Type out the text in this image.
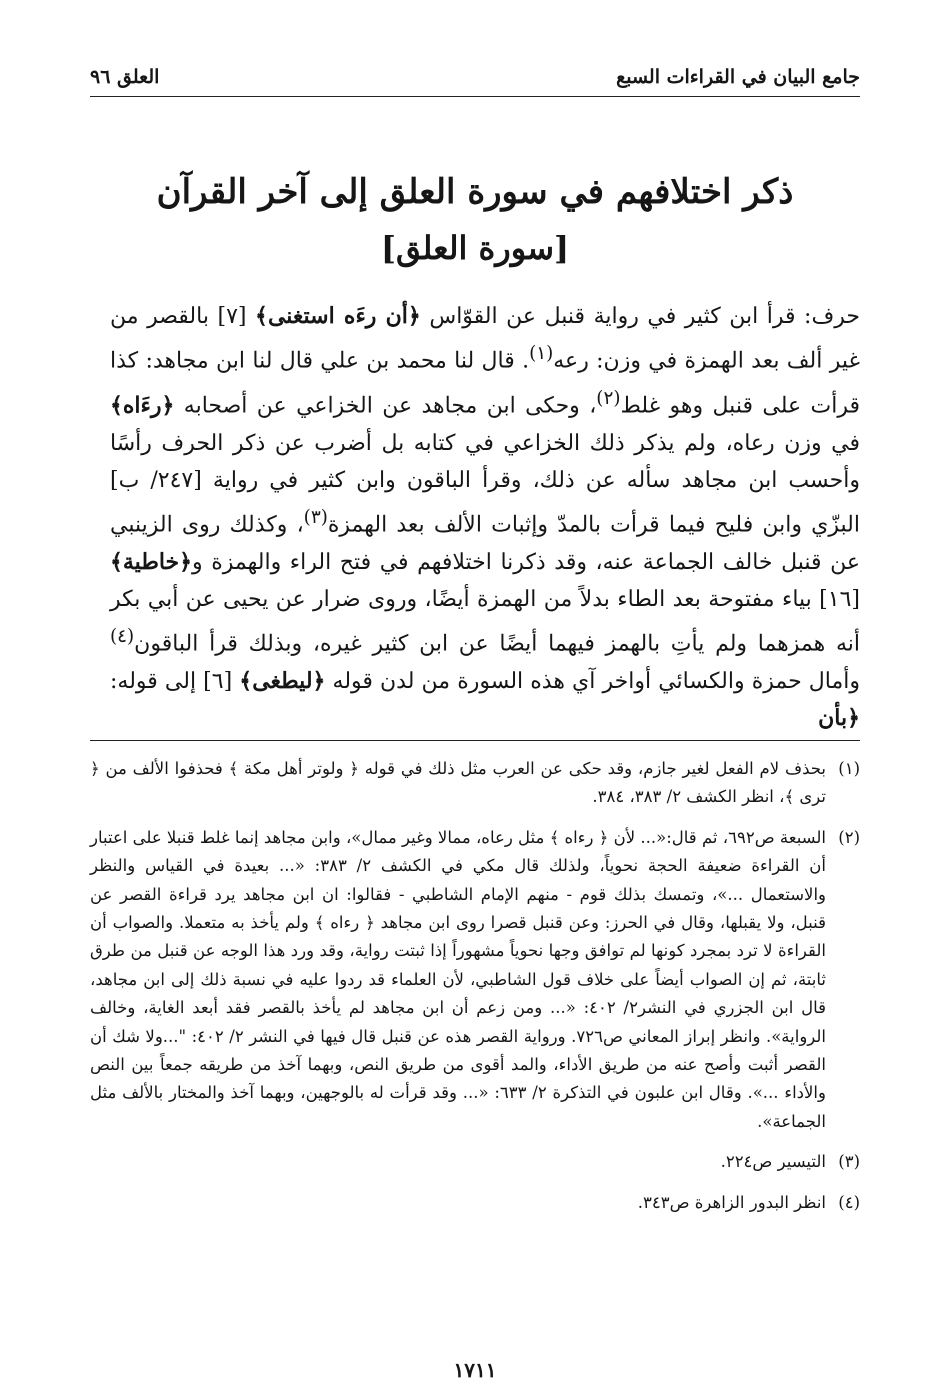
جامع البيان في القراءات السبع
العلق ٩٦
ذكر اختلافهم في سورة العلق إلى آخر القرآن
[سورة العلق]

حرف: قرأ ابن كثير في رواية قنبل عن القوّاس ﴿أن رءَه استغنى﴾ [٧] بالقصر من غير ألف بعد الهمزة في وزن: رعه$^{(١)}$. قال لنا محمد بن علي قال لنا ابن مجاهد: كذا قرأت على قنبل وهو غلط$^{(٢)}$، وحكى ابن مجاهد عن الخزاعي عن أصحابه ﴿رءَاه﴾ في وزن رعاه، ولم يذكر ذلك الخزاعي في كتابه بل أضرب عن ذكر الحرف رأسًا وأحسب ابن مجاهد سأله عن ذلك، وقرأ الباقون وابن كثير في رواية [٢٤٧/ ب] البزّي وابن فليح فيما قرأت بالمدّ وإثبات الألف بعد الهمزة$^{(٣)}$، وكذلك روى الزينبي عن قنبل خالف الجماعة عنه، وقد ذكرنا اختلافهم في فتح الراء والهمزة و﴿خاطية﴾ [١٦] بياء مفتوحة بعد الطاء بدلاً من الهمزة أيضًا، وروى ضرار عن يحيى عن أبي بكر أنه همزهما ولم يأتِ بالهمز فيهما أيضًا عن ابن كثير غيره، وبذلك قرأ الباقون$^{(٤)}$ وأمال حمزة والكسائي أواخر آي هذه السورة من لدن قوله ﴿ليطغى﴾ [٦] إلى قوله: ﴿بأن

(١)
بحذف لام الفعل لغير جازم، وقد حكى عن العرب مثل ذلك في قوله ﴿ ولوتر أهل مكة ﴾ فحذفوا الألف من ﴿ ترى ﴾، انظر الكشف ٢/ ٣٨٣، ٣٨٤.
(٢)
السبعة ص٦٩٢، ثم قال:«... لأن ﴿ رءاه ﴾ مثل رعاه، ممالا وغير ممال»، وابن مجاهد إنما غلط قنبلا على اعتبار أن القراءة ضعيفة الحجة نحوياً، ولذلك قال مكي في الكشف ٢/ ٣٨٣: «... بعيدة في القياس والنظر والاستعمال ...»، وتمسك بذلك قوم - منهم الإمام الشاطبي - فقالوا: ان ابن مجاهد يرد قراءة القصر عن قنبل، ولا يقبلها، وقال في الحرز: وعن قنبل قصرا روى ابن مجاهد ﴿ رءاه ﴾ ولم يأخذ به متعملا. والصواب أن القراءة لا ترد بمجرد كونها لم توافق وجها نحوياً مشهوراً إذا ثبتت رواية، وقد ورد هذا الوجه عن قنبل من طرق ثابتة، ثم إن الصواب أيضاً على خلاف قول الشاطبي، لأن العلماء قد ردوا عليه في نسبة ذلك إلى ابن مجاهد، قال ابن الجزري في النشر٢/ ٤٠٢: «... ومن زعم أن ابن مجاهد لم يأخذ بالقصر فقد أبعد الغاية، وخالف الرواية». وانظر إبراز المعاني ص٧٢٦. ورواية القصر هذه عن قنبل قال فيها في النشر ٢/ ٤٠٢: "...ولا شك أن القصر أثبت وأصح عنه من طريق الأداء، والمد أقوى من طريق النص، وبهما آخذ من طريقه جمعاً بين النص والأداء ...». وقال ابن علبون في التذكرة ٢/ ٦٣٣: «... وقد قرأت له بالوجهين، وبهما آخذ والمختار بالألف مثل الجماعة».
(٣)
التيسير ص٢٢٤.
(٤)
انظر البدور الزاهرة ص٣٤٣.
١٧١١
